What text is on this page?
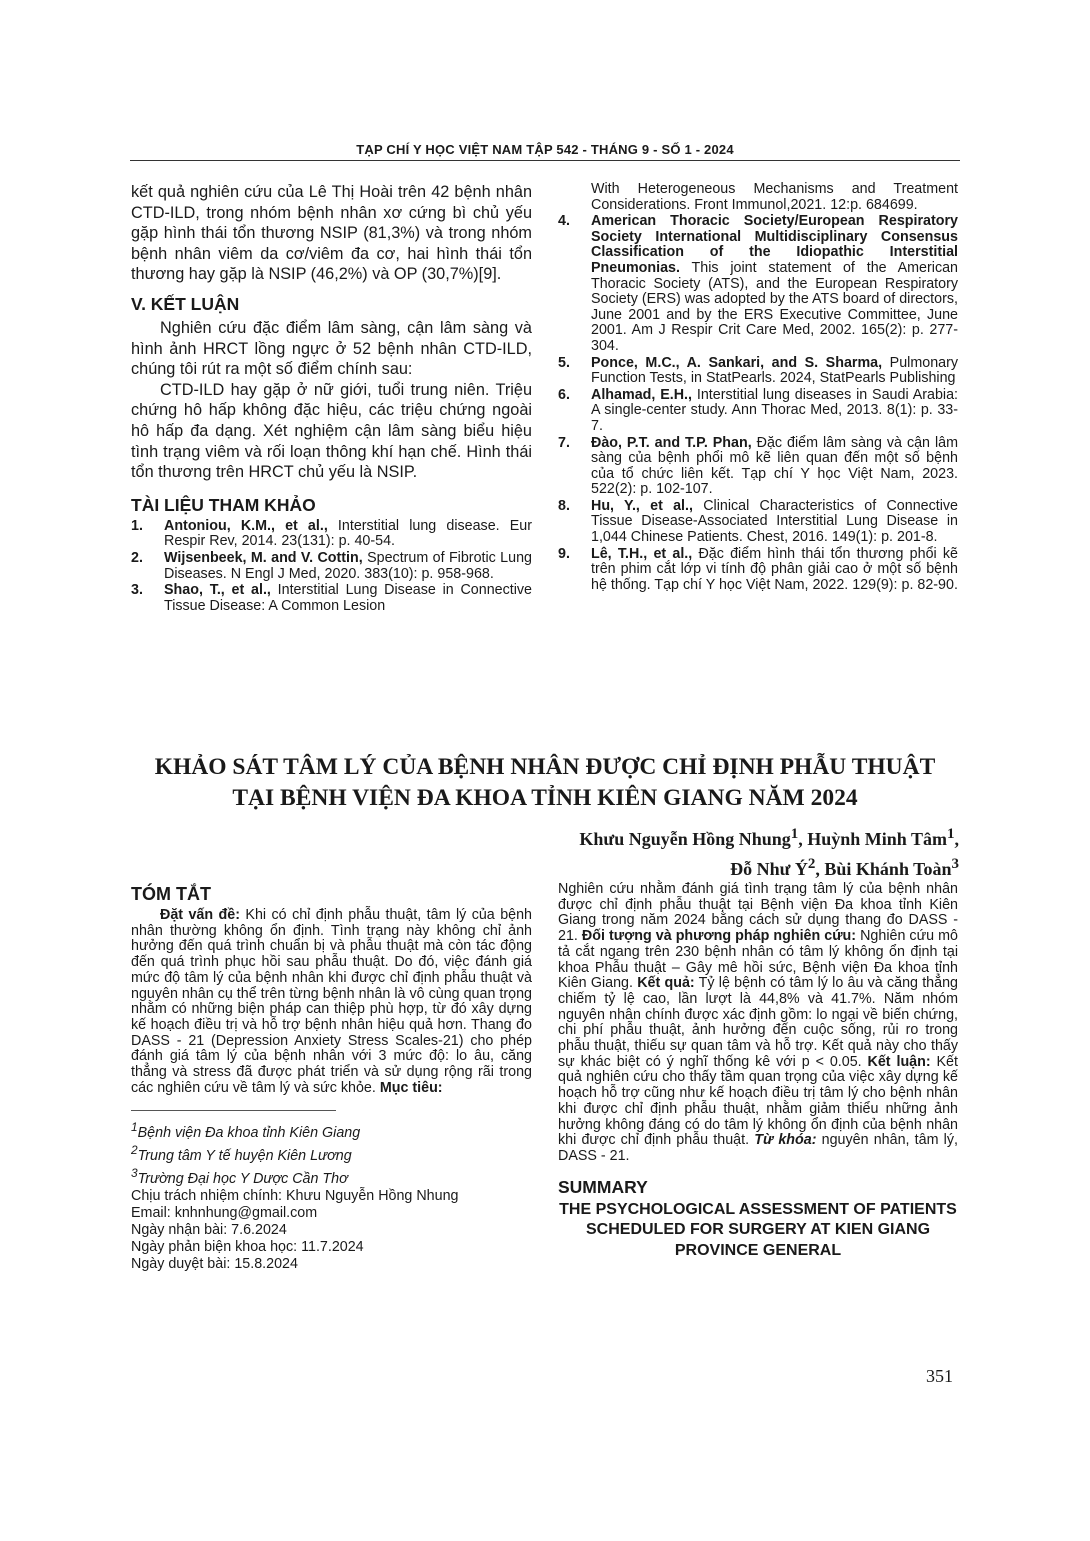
TẠP CHÍ Y HỌC VIỆT NAM TẬP 542 - THÁNG 9 - SỐ 1 - 2024

kết quả nghiên cứu của Lê Thị Hoài trên 42 bệnh nhân CTD-ILD, trong nhóm bệnh nhân xơ cứng bì chủ yếu gặp hình thái tổn thương NSIP (81,3%) và trong nhóm bệnh nhân viêm da cơ/viêm đa cơ, hai hình thái tổn thương hay gặp là NSIP (46,2%) và OP (30,7%)[9].

V. KẾT LUẬN

Nghiên cứu đặc điểm lâm sàng, cận lâm sàng và hình ảnh HRCT lồng ngực ở 52 bệnh nhân CTD-ILD, chúng tôi rút ra một số điểm chính sau:

CTD-ILD hay gặp ở nữ giới, tuổi trung niên. Triệu chứng hô hấp không đặc hiệu, các triệu chứng ngoài hô hấp đa dạng. Xét nghiệm cận lâm sàng biểu hiệu tình trạng viêm và rối loạn thông khí hạn chế. Hình thái tổn thương trên HRCT chủ yếu là NSIP.

TÀI LIỆU THAM KHẢO
1. Antoniou, K.M., et al., Interstitial lung disease. Eur Respir Rev, 2014. 23(131): p. 40-54.
2. Wijsenbeek, M. and V. Cottin, Spectrum of Fibrotic Lung Diseases. N Engl J Med, 2020. 383(10): p. 958-968.
3. Shao, T., et al., Interstitial Lung Disease in Connective Tissue Disease: A Common Lesion

With Heterogeneous Mechanisms and Treatment Considerations. Front Immunol,2021. 12:p. 684699.

4. American Thoracic Society/European Respiratory Society International Multidisciplinary Consensus Classification of the Idiopathic Interstitial Pneumonias. This joint statement of the American Thoracic Society (ATS), and the European Respiratory Society (ERS) was adopted by the ATS board of directors, June 2001 and by the ERS Executive Committee, June 2001. Am J Respir Crit Care Med, 2002. 165(2): p. 277-304.
5. Ponce, M.C., A. Sankari, and S. Sharma, Pulmonary Function Tests, in StatPearls. 2024, StatPearls Publishing
6. Alhamad, E.H., Interstitial lung diseases in Saudi Arabia: A single-center study. Ann Thorac Med, 2013. 8(1): p. 33-7.
7. Đào, P.T. and T.P. Phan, Đặc điểm lâm sàng và cận lâm sàng của bệnh phổi mô kẽ liên quan đến một số bệnh của tổ chức liên kết. Tạp chí Y học Việt Nam, 2023. 522(2): p. 102-107.
8. Hu, Y., et al., Clinical Characteristics of Connective Tissue Disease-Associated Interstitial Lung Disease in 1,044 Chinese Patients. Chest, 2016. 149(1): p. 201-8.
9. Lê, T.H., et al., Đặc điểm hình thái tổn thương phổi kẽ trên phim cắt lớp vi tính độ phân giải cao ở một số bệnh hệ thống. Tạp chí Y học Việt Nam, 2022. 129(9): p. 82-90.
KHẢO SÁT TÂM LÝ CỦA BỆNH NHÂN ĐƯỢC CHỈ ĐỊNH PHẪU THUẬT
TẠI BỆNH VIỆN ĐA KHOA TỈNH KIÊN GIANG NĂM 2024
Khưu Nguyễn Hồng Nhung$^1$, Huỳnh Minh Tâm$^1$,
Đỗ Như $Ý^2$, Bùi Khánh Toàn$^3$
TÓM TẮT

Đặt vấn đề: Khi có chỉ định phẫu thuật, tâm lý của bệnh nhân thường không ổn định. Tình trạng này không chỉ ảnh hưởng đến quá trình chuẩn bị và phẫu thuật mà còn tác động đến quá trình phục hồi sau phẫu thuật. Do đó, việc đánh giá mức độ tâm lý của bệnh nhân khi được chỉ định phẫu thuật và nguyên nhân cụ thể trên từng bệnh nhân là vô cùng quan trọng nhằm có những biện pháp can thiệp phù hợp, từ đó xây dựng kế hoạch điều trị và hỗ trợ bệnh nhân hiệu quả hơn. Thang đo DASS - 21 (Depression Anxiety Stress Scales-21) cho phép đánh giá tâm lý của bệnh nhân với 3 mức độ: lo âu, căng thẳng và stress đã được phát triển và sử dụng rộng rãi trong các nghiên cứu về tâm lý và sức khỏe. Mục tiêu:

$^1$Bệnh viện Đa khoa tỉnh Kiên Giang

$^2$Trung tâm Y tế huyện Kiên Lương

$^3$Trường Đại học Y Dược Cần Thơ

Chịu trách nhiệm chính: Khưu Nguyễn Hồng Nhung

Email: knhnhung@gmail.com

Ngày nhận bài: 7.6.2024

Ngày phản biện khoa học: 11.7.2024

Ngày duyệt bài: 15.8.2024

Nghiên cứu nhằm đánh giá tình trạng tâm lý của bệnh nhân được chỉ định phẫu thuật tại Bệnh viện Đa khoa tỉnh Kiên Giang trong năm 2024 bằng cách sử dụng thang đo DASS - 21. Đối tượng và phương pháp nghiên cứu: Nghiên cứu mô tả cắt ngang trên 230 bệnh nhân có tâm lý không ổn định tại khoa Phẫu thuật – Gây mê hồi sức, Bệnh viện Đa khoa tỉnh Kiên Giang. Kết quả: Tỷ lệ bệnh có tâm lý lo âu và căng thẳng chiếm tỷ lệ cao, lần lượt là 44,8% và 41.7%. Năm nhóm nguyên nhân chính được xác định gồm: lo ngại về biến chứng, chi phí phẫu thuật, ảnh hưởng đến cuộc sống, rủi ro trong phẫu thuật, thiếu sự quan tâm và hỗ trợ. Kết quả này cho thấy sự khác biệt có ý nghĩ thống kê với p < 0.05. Kết luận: Kết quả nghiên cứu cho thấy tầm quan trọng của việc xây dựng kế hoạch hỗ trợ cũng như kế hoạch điều trị tâm lý cho bệnh nhân khi được chỉ định phẫu thuật, nhằm giảm thiểu những ảnh hưởng không đáng có do tâm lý không ổn định của bệnh nhân khi được chỉ định phẫu thuật. Từ khóa: nguyên nhân, tâm lý, DASS - 21.

SUMMARY

THE PSYCHOLOGICAL ASSESSMENT OF PATIENTS SCHEDULED FOR SURGERY AT KIEN GIANG PROVINCE GENERAL

351
